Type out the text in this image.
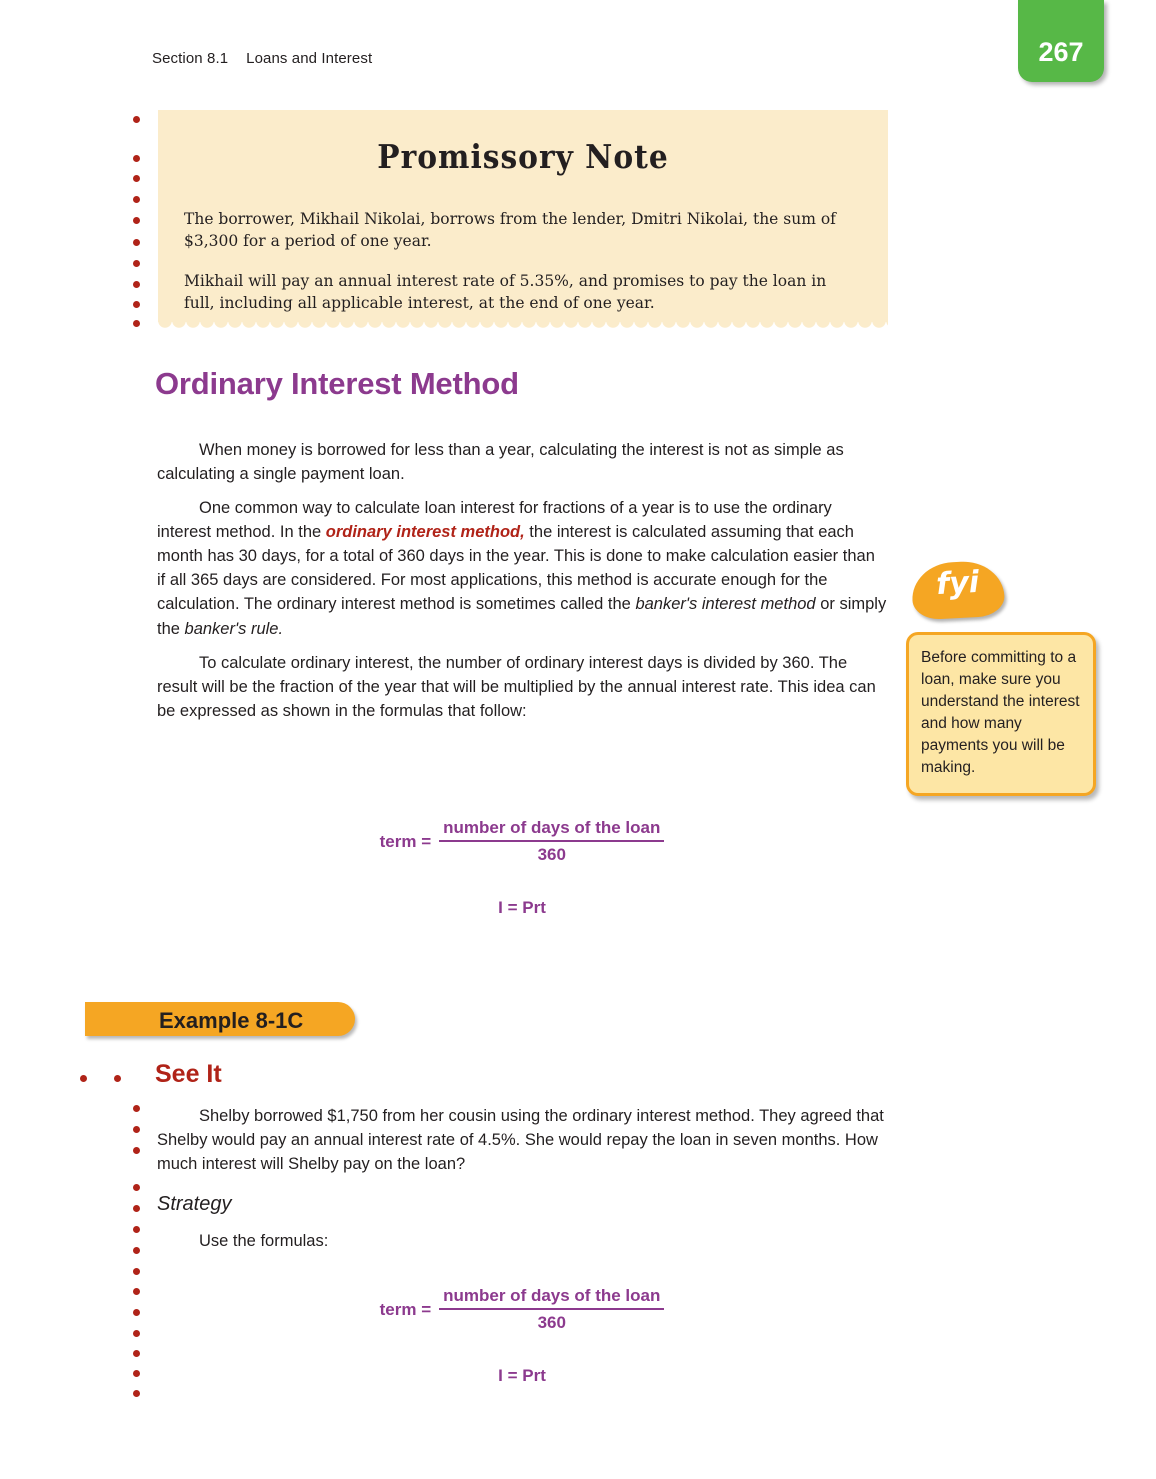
Section 8.1 Loans and Interest	267
Promissory Note
The borrower, Mikhail Nikolai, borrows from the lender, Dmitri Nikolai, the sum of $3,300 for a period of one year.
Mikhail will pay an annual interest rate of 5.35%, and promises to pay the loan in full, including all applicable interest, at the end of one year.
Ordinary Interest Method

When money is borrowed for less than a year, calculating the interest is not as simple as calculating a single payment loan.

One common way to calculate loan interest for fractions of a year is to use the ordinary interest method. In the ordinary interest method, the interest is calculated assuming that each month has 30 days, for a total of 360 days in the year. This is done to make calculation easier than if all 365 days are considered. For most applications, this method is accurate enough for the calculation. The ordinary interest method is sometimes called the banker's interest method or simply the banker's rule.

To calculate ordinary interest, the number of ordinary interest days is divided by 360. The result will be the fraction of the year that will be multiplied by the annual interest rate. This idea can be expressed as shown in the formulas that follow:

term = $\frac{\text{number of days of the loan}}{360}$
I = Prt
fyi
Before committing to a loan, make sure you understand the interest and how many payments you will be making.
Example 8-1C
See It

Shelby borrowed $1,750 from her cousin using the ordinary interest method. They agreed that Shelby would pay an annual interest rate of 4.5%. She would repay the loan in seven months. How much interest will Shelby pay on the loan?

Strategy

Use the formulas:

term = $\frac{\text{number of days of the loan}}{360}$
I = Prt
